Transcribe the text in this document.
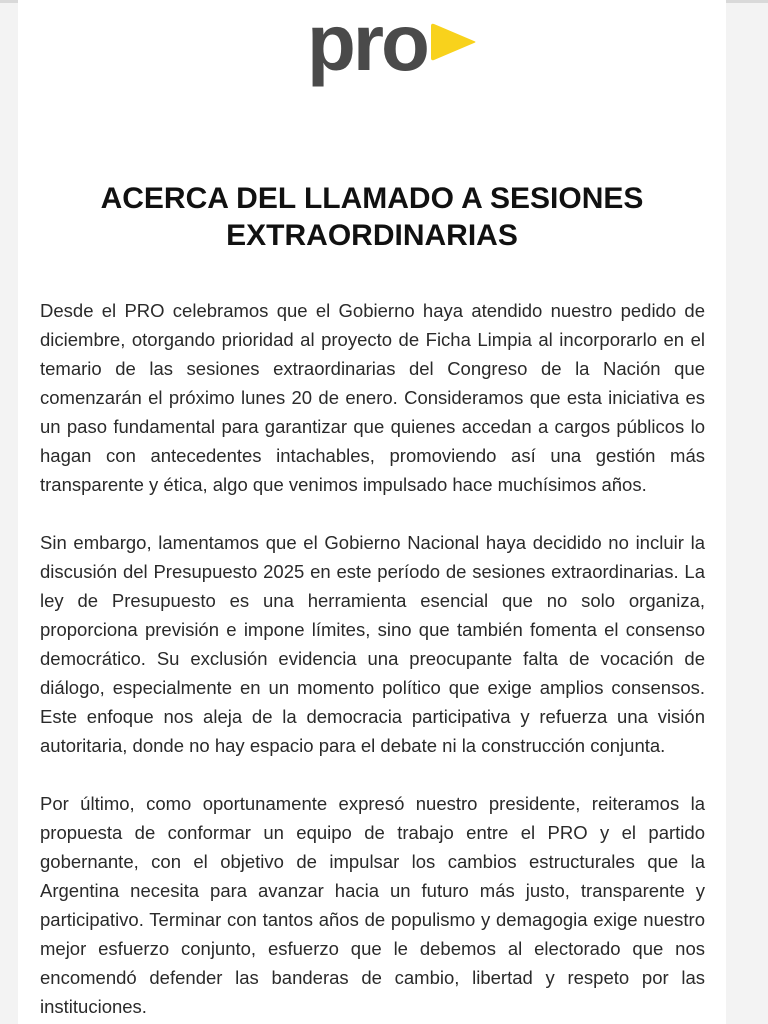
pro
ACERCA DEL LLAMADO A SESIONES
EXTRAORDINARIAS

Desde el PRO celebramos que el Gobierno haya atendido nuestro pedido de diciembre, otorgando prioridad al proyecto de Ficha Limpia al incorporarlo en el temario de las sesiones extraordinarias del Congreso de la Nación que comenzarán el próximo lunes 20 de enero. Consideramos que esta iniciativa es un paso fundamental para garantizar que quienes accedan a cargos públicos lo hagan con antecedentes intachables, promoviendo así una gestión más transparente y ética, algo que venimos impulsado hace muchísimos años.

Sin embargo, lamentamos que el Gobierno Nacional haya decidido no incluir la discusión del Presupuesto 2025 en este período de sesiones extraordinarias. La ley de Presupuesto es una herramienta esencial que no solo organiza, proporciona previsión e impone límites, sino que también fomenta el consenso democrático. Su exclusión evidencia una preocupante falta de vocación de diálogo, especialmente en un momento político que exige amplios consensos. Este enfoque nos aleja de la democracia participativa y refuerza una visión autoritaria, donde no hay espacio para el debate ni la construcción conjunta.

Por último, como oportunamente expresó nuestro presidente, reiteramos la propuesta de conformar un equipo de trabajo entre el PRO y el partido gobernante, con el objetivo de impulsar los cambios estructurales que la Argentina necesita para avanzar hacia un futuro más justo, transparente y participativo. Terminar con tantos años de populismo y demagogia exige nuestro mejor esfuerzo conjunto, esfuerzo que le debemos al electorado que nos encomendó defender las banderas de cambio, libertad y respeto por las instituciones.
